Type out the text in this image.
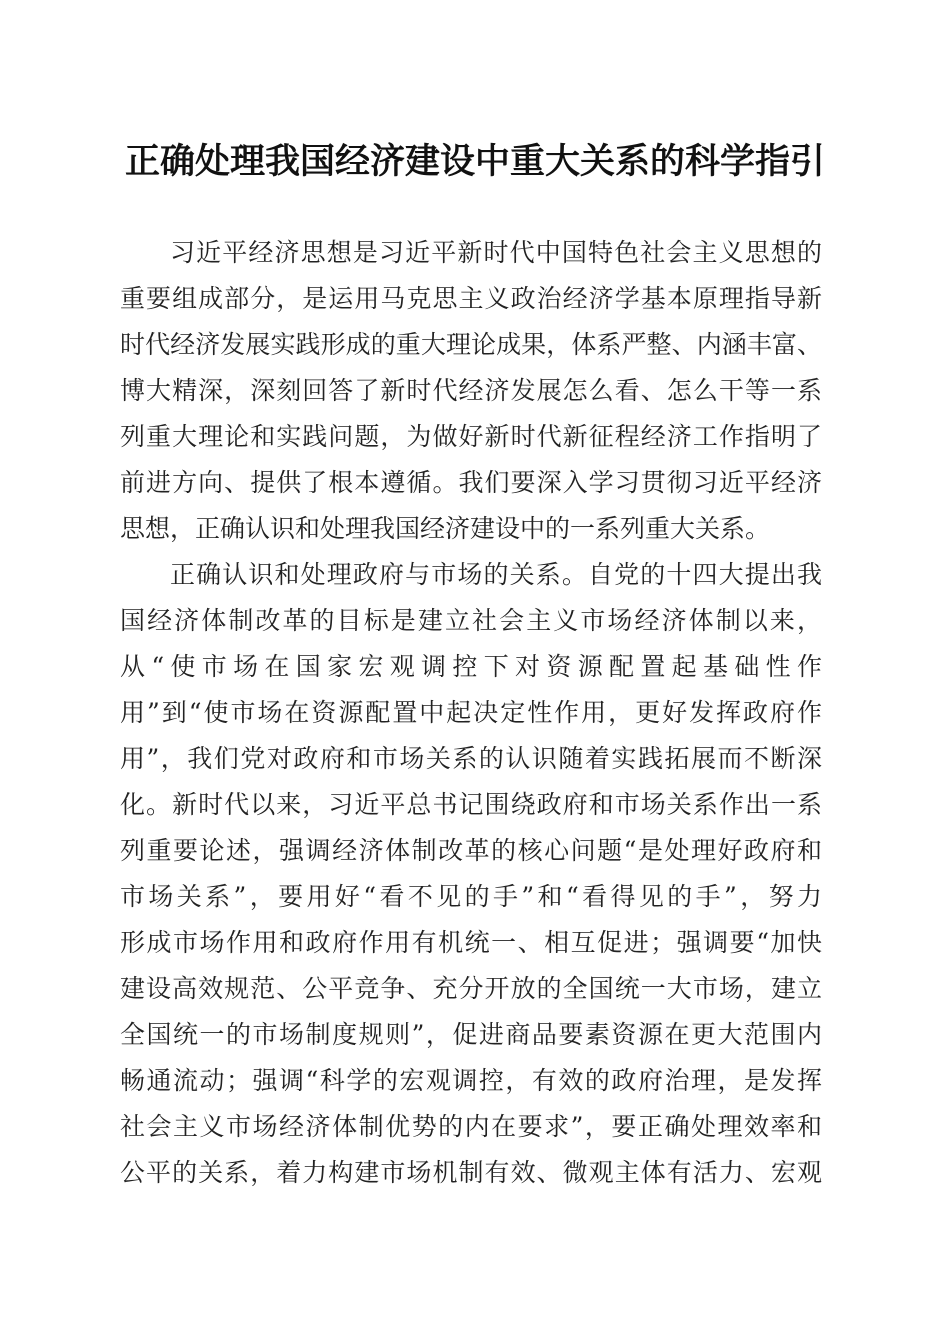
正确处理我国经济建设中重大关系的科学指引
习近平经济思想是习近平新时代中国特色社会主义思想的
重要组成部分，是运用马克思主义政治经济学基本原理指导新
时代经济发展实践形成的重大理论成果，体系严整、内涵丰富、
博大精深，深刻回答了新时代经济发展怎么看、怎么干等一系
列重大理论和实践问题，为做好新时代新征程经济工作指明了
前进方向、提供了根本遵循。我们要深入学习贯彻习近平经济
思想，正确认识和处理我国经济建设中的一系列重大关系。
正确认识和处理政府与市场的关系。自党的十四大提出我
国经济体制改革的目标是建立社会主义市场经济体制以来，
从“使市场在国家宏观调控下对资源配置起基础性作
用”到“使市场在资源配置中起决定性作用，更好发挥政府作
用”，我们党对政府和市场关系的认识随着实践拓展而不断深
化。新时代以来，习近平总书记围绕政府和市场关系作出一系
列重要论述，强调经济体制改革的核心问题“是处理好政府和
市场关系”，要用好“看不见的手”和“看得见的手”，努力
形成市场作用和政府作用有机统一、相互促进；强调要“加快
建设高效规范、公平竞争、充分开放的全国统一大市场，建立
全国统一的市场制度规则”，促进商品要素资源在更大范围内
畅通流动；强调“科学的宏观调控，有效的政府治理，是发挥
社会主义市场经济体制优势的内在要求”，要正确处理效率和
公平的关系，着力构建市场机制有效、微观主体有活力、宏观
